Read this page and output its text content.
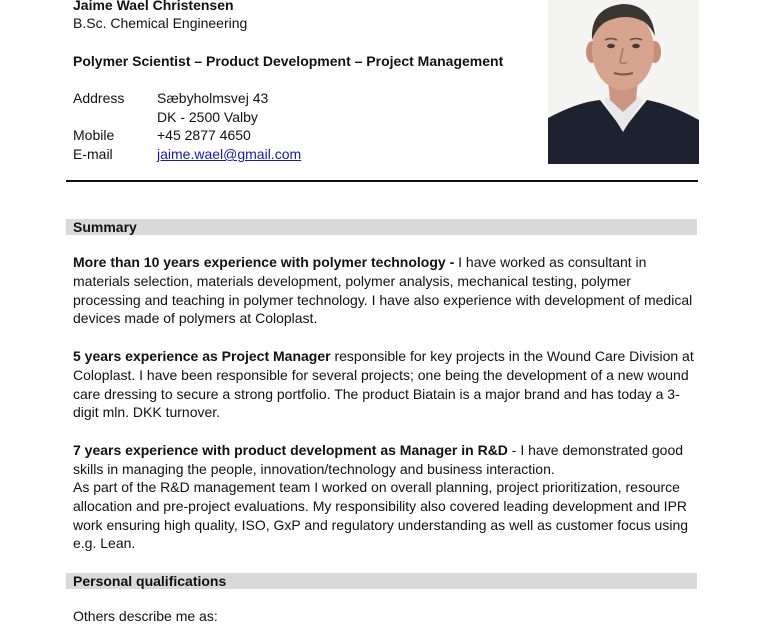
Jaime Wael Christensen
B.Sc. Chemical Engineering
Polymer Scientist – Product Development – Project Management
Address	Sæbyholmsvej 43
	DK - 2500 Valby
Mobile	+45 2877 4650
E-mail	jaime.wael@gmail.com
Summary
More than 10 years experience with polymer technology - I have worked as consultant in materials selection, materials development, polymer analysis, mechanical testing, polymer processing and teaching in polymer technology. I have also experience with development of medical devices made of polymers at Coloplast.
5 years experience as Project Manager responsible for key projects in the Wound Care Division at Coloplast. I have been responsible for several projects; one being the development of a new wound care dressing to secure a strong portfolio. The product Biatain is a major brand and has today a 3-digit mln. DKK turnover.
7 years experience with product development as Manager in R&D - I have demonstrated good skills in managing the people, innovation/technology and business interaction.
As part of the R&D management team I worked on overall planning, project prioritization, resource allocation and pre-project evaluations. My responsibility also covered leading development and IPR work ensuring high quality, ISO, GxP and regulatory understanding as well as customer focus using e.g. Lean.
Personal qualifications
Others describe me as:
